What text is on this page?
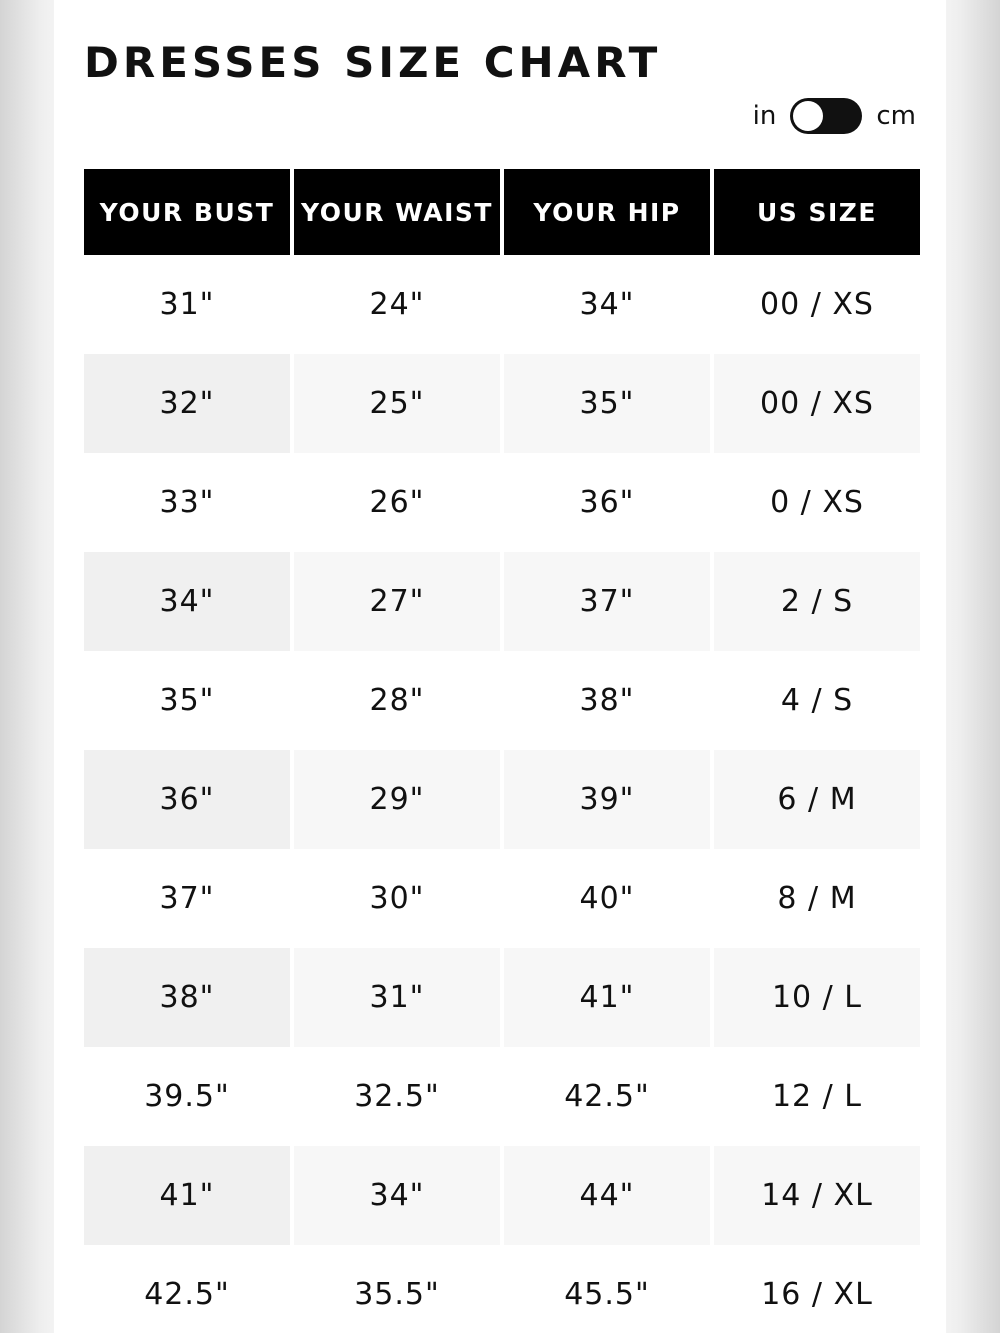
DRESSES SIZE CHART
in	cm
YOUR BUST	YOUR WAIST	YOUR HIP	US SIZE
31"	24"	34"	00 / XS
32"	25"	35"	00 / XS
33"	26"	36"	0 / XS
34"	27"	37"	2 / S
35"	28"	38"	4 / S
36"	29"	39"	6 / M
37"	30"	40"	8 / M
38"	31"	41"	10 / L
39.5"	32.5"	42.5"	12 / L
41"	34"	44"	14 / XL
42.5"	35.5"	45.5"	16 / XL
